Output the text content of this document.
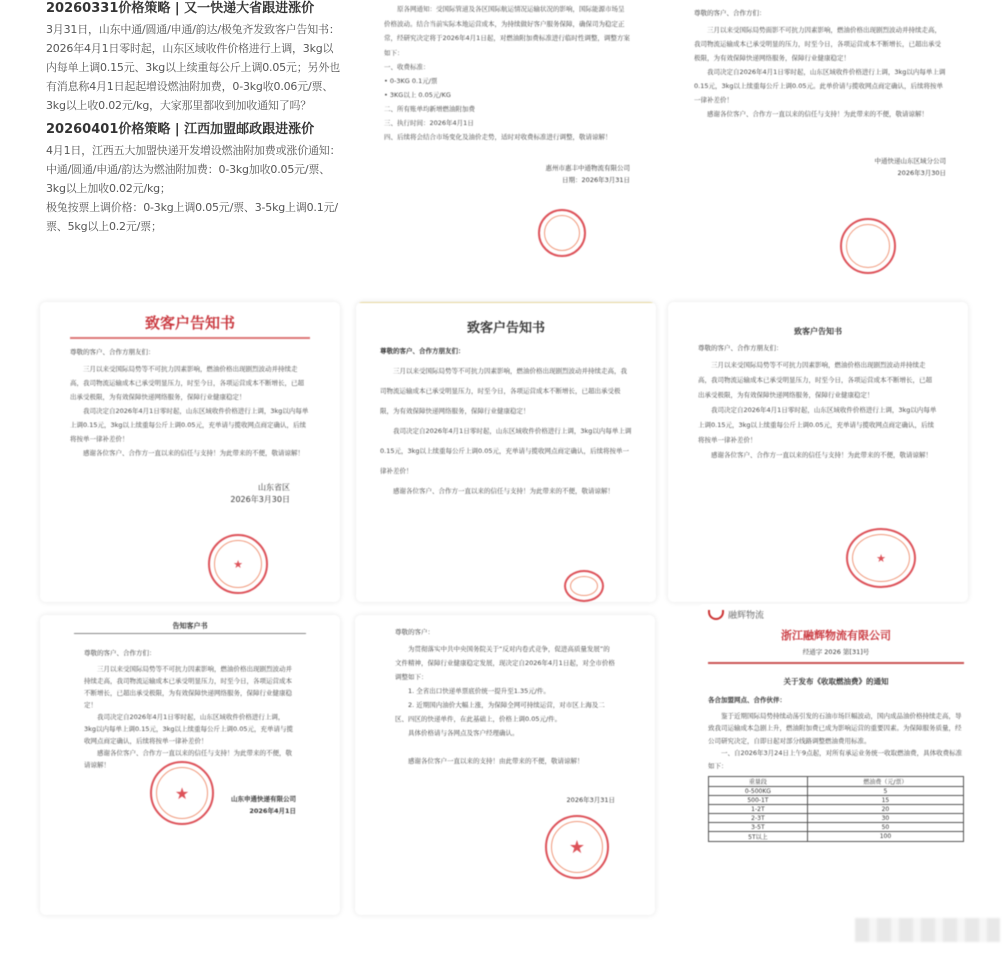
20260331价格策略 | 又一快递大省跟进涨价

3月31日，山东中通/圆通/申通/韵达/极兔齐发致客户告知书：

2026年4月1日零时起，山东区域收件价格进行上调，3kg以内每单上调0.15元、3kg以上续重每公斤上调0.05元；另外也有消息称4月1日起起增设燃油附加费，0-3kg收0.06元/票、3kg以上收0.02元/kg，大家那里都收到加收通知了吗？

20260401价格策略 | 江西加盟邮政跟进涨价

4月1日，江西五大加盟快递开发增设燃油附加费或涨价通知：

中通/圆通/申通/韵达为燃油附加费：0-3kg加收0.05元/票、3kg以上加收0.02元/kg；

极兔按票上调价格：0-3kg上调0.05元/票、3-5kg上调0.1元/票、5kg以上0.2元/票；

原各网通知：受国际管道及各区国际航运情况运输状况的影响，国际能源市场呈价格波动。结合当前实际本地运营成本，为持续做好客户服务保障，确保司为稳定正常，经研究决定将于2026年4月1日起，对燃油附加费标准进行临时性调整，调整方案如下：

一、收费标准：

• 0-3KG 0.1元/票

• 3KG以上 0.05元/KG

二、所有账单均新增燃油附加费

三、执行时间：2026年4月1日

四、后续将会结合市场变化及油价走势，适时对收费标准进行调整，敬请谅解！

惠州市惠丰中通物流有限公司
日期：2026年3月31日
尊敬的客户、合作方们：

三月以来受国际局势面影不可抗力因素影响，燃油价格出现剧烈波动并持续走高，我司物流运输成本已承受明显的压力，时至今日，各项运营成本不断增长，已超出承受极限，为有效保障快递网络服务，保障行业健康稳定！

我司决定自2026年4月1日零时起，山东区域收件价格进行上调，3kg以内每单上调0.15元，3kg以上续重每公斤上调0.05元。此单价请与揽收网点商定确认，后续将按单一律补差价！

感谢各位客户、合作方一直以来的信任与支持！为此带来的不便，敬请谅解！

中通快递山东区域分公司
2026年3月30日
致客户告知书
尊敬的客户、合作方朋友们：

三月以来受国际局势等不可抗力因素影响，燃油价格出现剧烈波动并持续走高，我司物流运输成本已承受明显压力，时至今日，各项运营成本不断增长，已超出承受极限，为有效保障快递网络服务，保障行业健康稳定！

我司决定自2026年4月1日零时起，山东区域收件价格进行上调，3kg以内每单上调0.15元，3kg以上续重每公斤上调0.05元，充单请与揽收网点商定确认，后续将按单一律补差价！

感谢各位客户、合作方一直以来的信任与支持！为此带来的不便，敬请谅解！

山东省区
2026年3月30日
★
致客户告知书
尊敬的客户、合作方朋友们：

三月以来受国际局势等不可抗力因素影响，燃油价格出现剧烈波动并持续走高，我司物流运输成本已承受明显压力，时至今日，各项运营成本不断增长，已超出承受极限，为有效保障快递网络服务，保障行业健康稳定！

我司决定自2026年4月1日零时起，山东区域收件价格进行上调，3kg以内每单上调0.15元，3kg以上续重每公斤上调0.05元，充单请与揽收网点商定确认，后续将按单一律补差价！

感谢各位客户、合作方一直以来的信任与支持！为此带来的不便，敬请谅解！

致客户告知书
尊敬的客户、合作方朋友们：

三月以来受国际局势等不可抗力因素影响，燃油价格出现剧烈波动并持续走高，我司物流运输成本已承受明显压力，时至今日，各项运营成本不断增长，已超出承受极限，为有效保障快递网络服务，保障行业健康稳定！

我司决定自2026年4月1日零时起，山东区域收件价格进行上调，3kg以内每单上调0.15元，3kg以上续重每公斤上调0.05元，充单请与揽收网点商定确认，后续将按单一律补差价！

感谢各位客户、合作方一直以来的信任与支持！为此带来的不便，敬请谅解！

★
告知客户书
尊敬的客户、合作方们：

三月以来受国际局势等不可抗力因素影响，燃油价格出现剧烈波动并持续走高，我司物流运输成本已承受明显压力，时至今日，各项运营成本不断增长，已超出承受极限，为有效保障快递网络服务，保障行业健康稳定！

我司决定自2026年4月1日零时起，山东区域收件价格进行上调，3kg以内每单上调0.15元，3kg以上续重每公斤上调0.05元，充单请与揽收网点商定确认，后续将按单一律补差价！

感谢各位客户、合作方一直以来的信任与支持！为此带来的不便，敬请谅解！

山东申通快递有限公司
2026年4月1日
★
尊敬的客户：

为贯彻落实中共中央国务院关于“反对内卷式竞争，促进高质量发展”的文件精神，保障行业健康稳定发展，现决定自2026年4月1日起，对全市价格调整如下：

1. 全省出口快递单票底价统一提升至1.35元/件。

2. 近期国内油价大幅上涨，为保障全网可持续运营，对市区上海及二区、四区的快递单件，在此基础上，价格上调0.05元/件。

具体价格请与各网点及客户经理确认。

感谢各位客户一直以来的支持！由此带来的不便，敬请谅解！

2026年3月31日
★
融辉物流
浙江融辉物流有限公司
经通字 2026 第[31]号
关于发布《收取燃油费》的通知
各合加盟网点、合作伙伴：

鉴于近期国际局势持续动荡引发的石油市场巨幅波动，国内成品油价格持续走高，导致我司运输成本急剧上升，燃油附加费已成为影响运营的重要因素。为保障服务质量，经公司研究决定，自即日起对部分线路调整燃油费用标准。

一、自2026年3月24日上午9点起，对所有承运业务统一收取燃油费，具体收费标准如下：

重量段	燃油费（元/票）
0-500KG	5
500-1T	15
1-2T	20
2-3T	30
3-5T	50
5T以上	100
